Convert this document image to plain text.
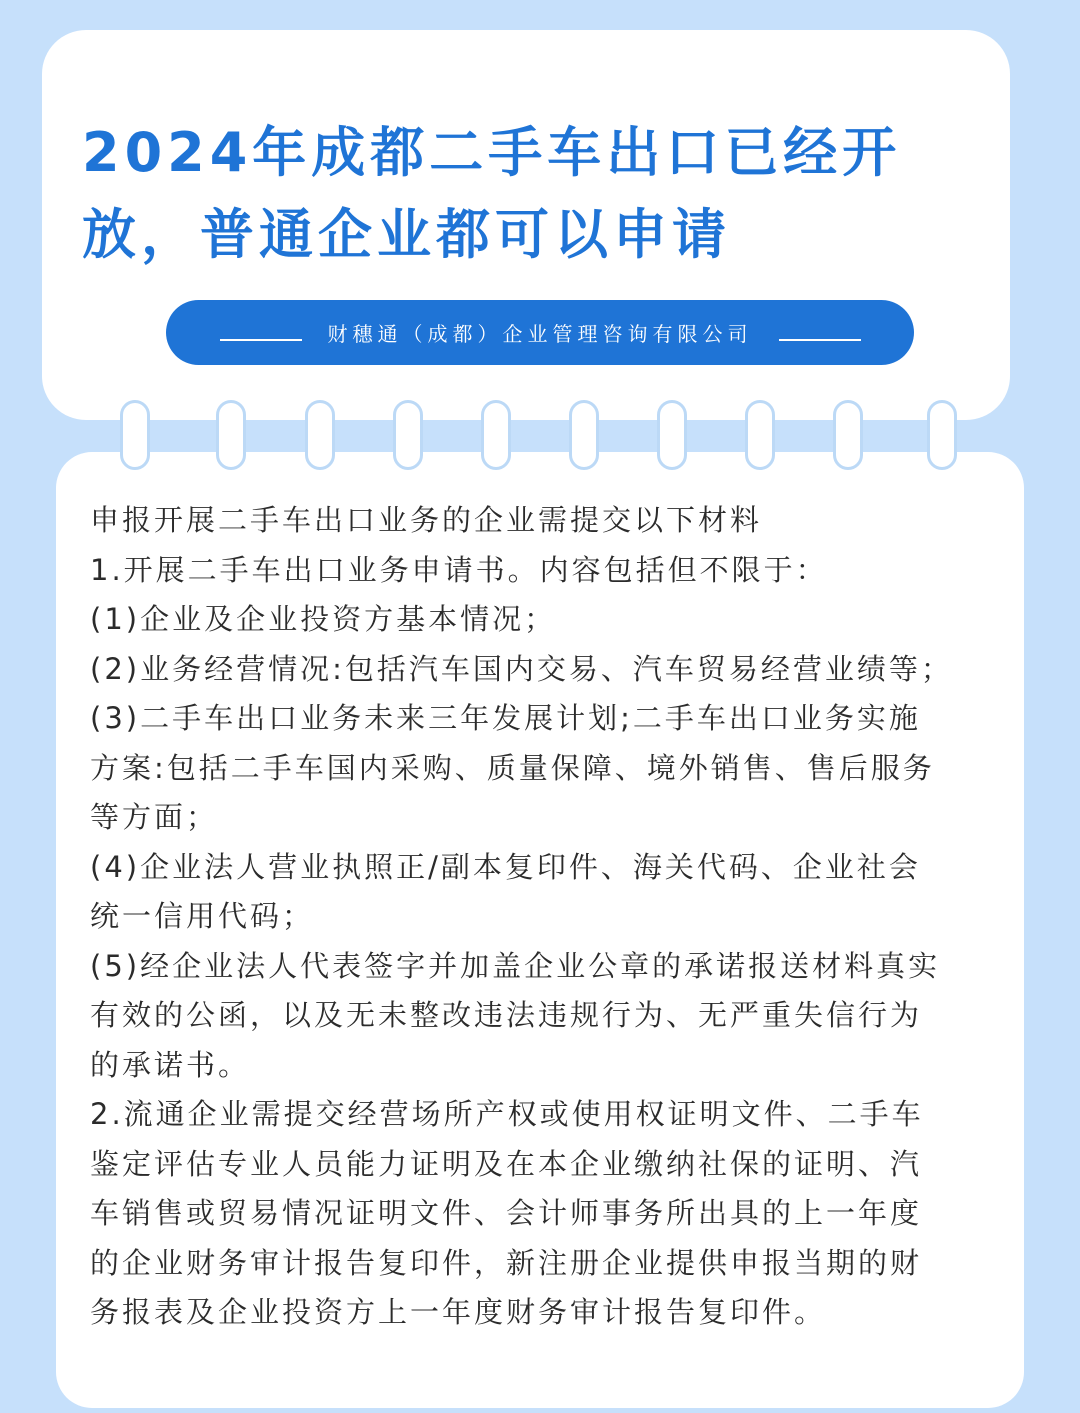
2024年成都二手车出口已经开
放，普通企业都可以申请
财穗通（成都）企业管理咨询有限公司
申报开展二手车出口业务的企业需提交以下材料
1.开展二手车出口业务申请书。内容包括但不限于：
(1)企业及企业投资方基本情况；
(2)业务经营情况:包括汽车国内交易、汽车贸易经营业绩等；
(3)二手车出口业务未来三年发展计划;二手车出口业务实施
方案:包括二手车国内采购、质量保障、境外销售、售后服务
等方面；
(4)企业法人营业执照正/副本复印件、海关代码、企业社会
统一信用代码；
(5)经企业法人代表签字并加盖企业公章的承诺报送材料真实
有效的公函，以及无未整改违法违规行为、无严重失信行为
的承诺书。
2.流通企业需提交经营场所产权或使用权证明文件、二手车
鉴定评估专业人员能力证明及在本企业缴纳社保的证明、汽
车销售或贸易情况证明文件、会计师事务所出具的上一年度
的企业财务审计报告复印件，新注册企业提供申报当期的财
务报表及企业投资方上一年度财务审计报告复印件。
